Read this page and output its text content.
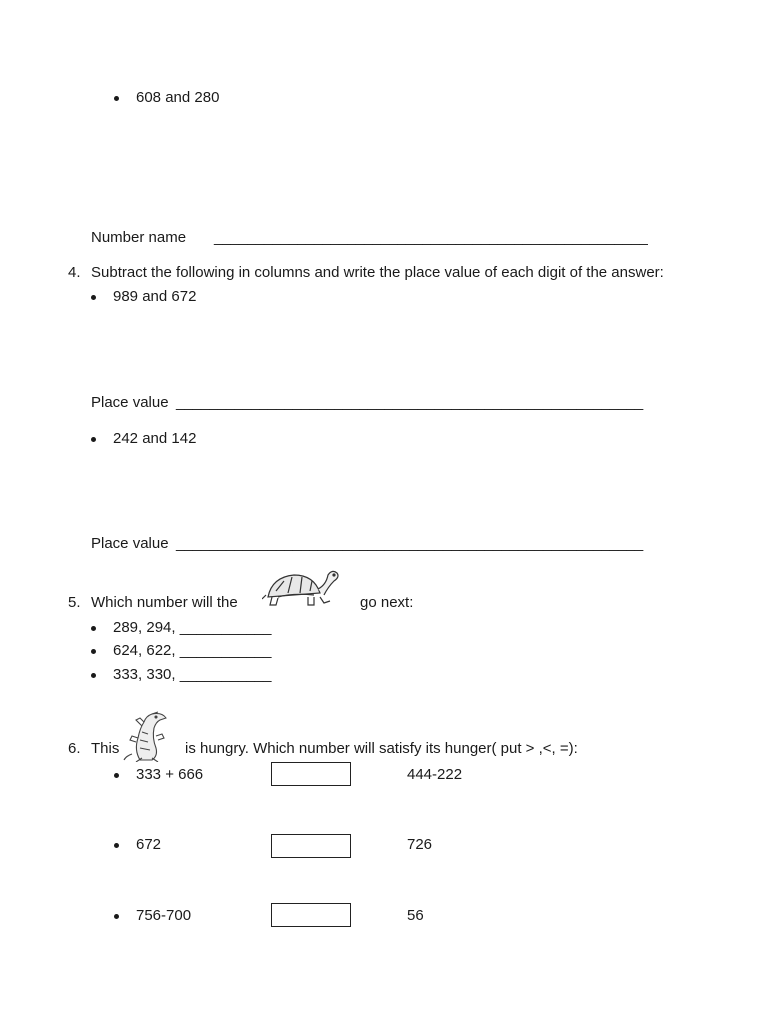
608 and 280
Number name ____________________________________________________
4. Subtract the following in columns and write the place value of each digit of the answer:
989 and 672
Place value ________________________________________________________
242 and 142
Place value ________________________________________________________
5. Which number will the	go next:
289, 294, ___________
624, 622, ___________
333, 330, ___________
6. This	is hungry. Which number will satisfy its hunger( put > ,<, =):
333 + 666	444-222
672	726
756-700	56
